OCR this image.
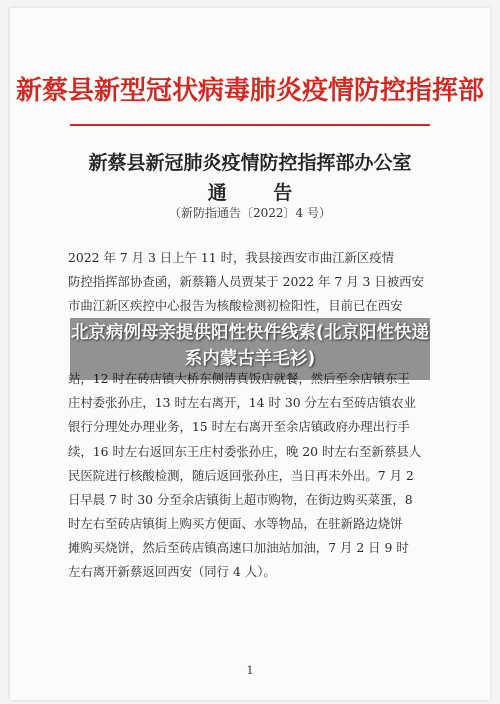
新蔡县新型冠状病毒肺炎疫情防控指挥部
新蔡县新冠肺炎疫情防控指挥部办公室
通 告
（新防指通告〔2022〕4 号）
2022 年 7 月 3 日上午 11 时，我县接西安市曲江新区疫情
防控指挥部协查函，新蔡籍人员贾某于 2022 年 7 月 3 日被西安
市曲江新区疾控中心报告为核酸检测初检阳性，目前已在西安
站，12 时在砖店镇大桥东侧清真饭店就餐，然后至余店镇东王
庄村委张孙庄，13 时左右离开，14 时 30 分左右至砖店镇农业
银行分理处办理业务，15 时左右离开至余店镇政府办理出行手
续，16 时左右返回东王庄村委张孙庄，晚 20 时左右至新蔡县人
民医院进行核酸检测，随后返回张孙庄，当日再未外出。7 月 2
日早晨 7 时 30 分至余店镇街上超市购物，在街边购买菜蛋，8
时左右至砖店镇街上购买方便面、水等物品，在驻新路边烧饼
摊购买烧饼，然后至砖店镇高速口加油站加油，7 月 2 日 9 时
左右离开新蔡返回西安（同行 4 人）。
1
北京病例母亲提供阳性快件线索(北京阳性快递系内蒙古羊毛衫)
